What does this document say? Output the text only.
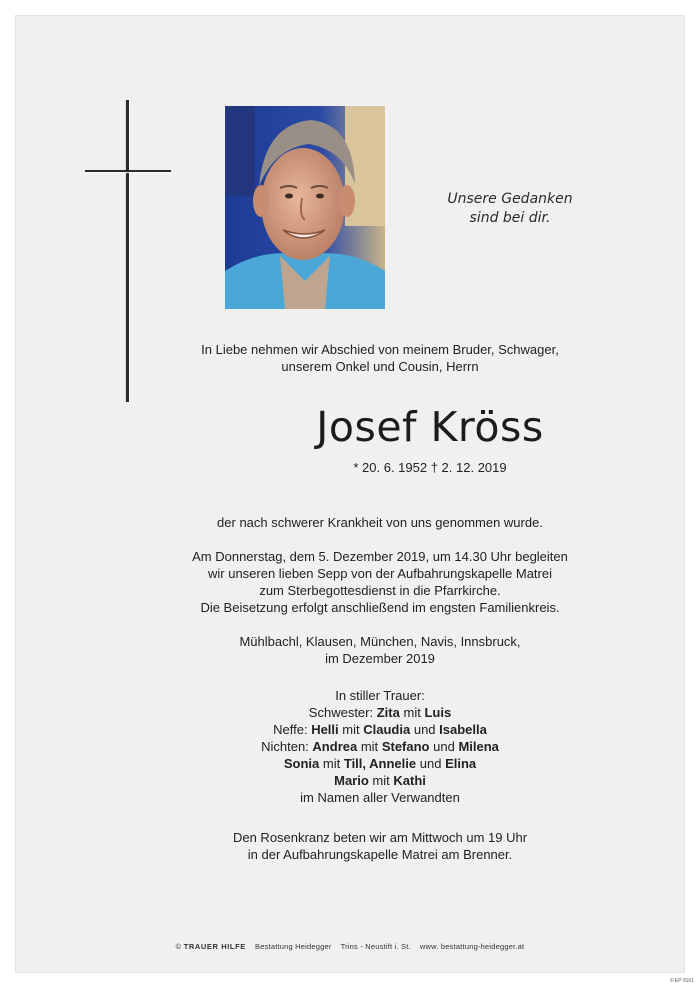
Unsere Gedanken
sind bei dir.

In Liebe nehmen wir Abschied von meinem Bruder, Schwager,

unserem Onkel und Cousin, Herrn

Josef Kröss
* 20. 6. 1952 † 2. 12. 2019

der nach schwerer Krankheit von uns genommen wurde.

Am Donnerstag, dem 5. Dezember 2019, um 14.30 Uhr begleiten

wir unseren lieben Sepp von der Aufbahrungskapelle Matrei

zum Sterbegottesdienst in die Pfarrkirche.

Die Beisetzung erfolgt anschließend im engsten Familienkreis.

Mühlbachl, Klausen, München, Navis, Innsbruck,

im Dezember 2019

In stiller Trauer:

Schwester: Zita mit Luis

Neffe: Helli mit Claudia und Isabella

Nichten: Andrea mit Stefano und Milena

Sonia mit Till, Annelie und Elina

Mario mit Kathi

im Namen aller Verwandten

Den Rosenkranz beten wir am Mittwoch um 19 Uhr

in der Aufbahrungskapelle Matrei am Brenner.

© TRAUER HILFE Bestattung Heidegger Trins - Neustift i. St. www. bestattung-heidegger.at
© EP 9101
